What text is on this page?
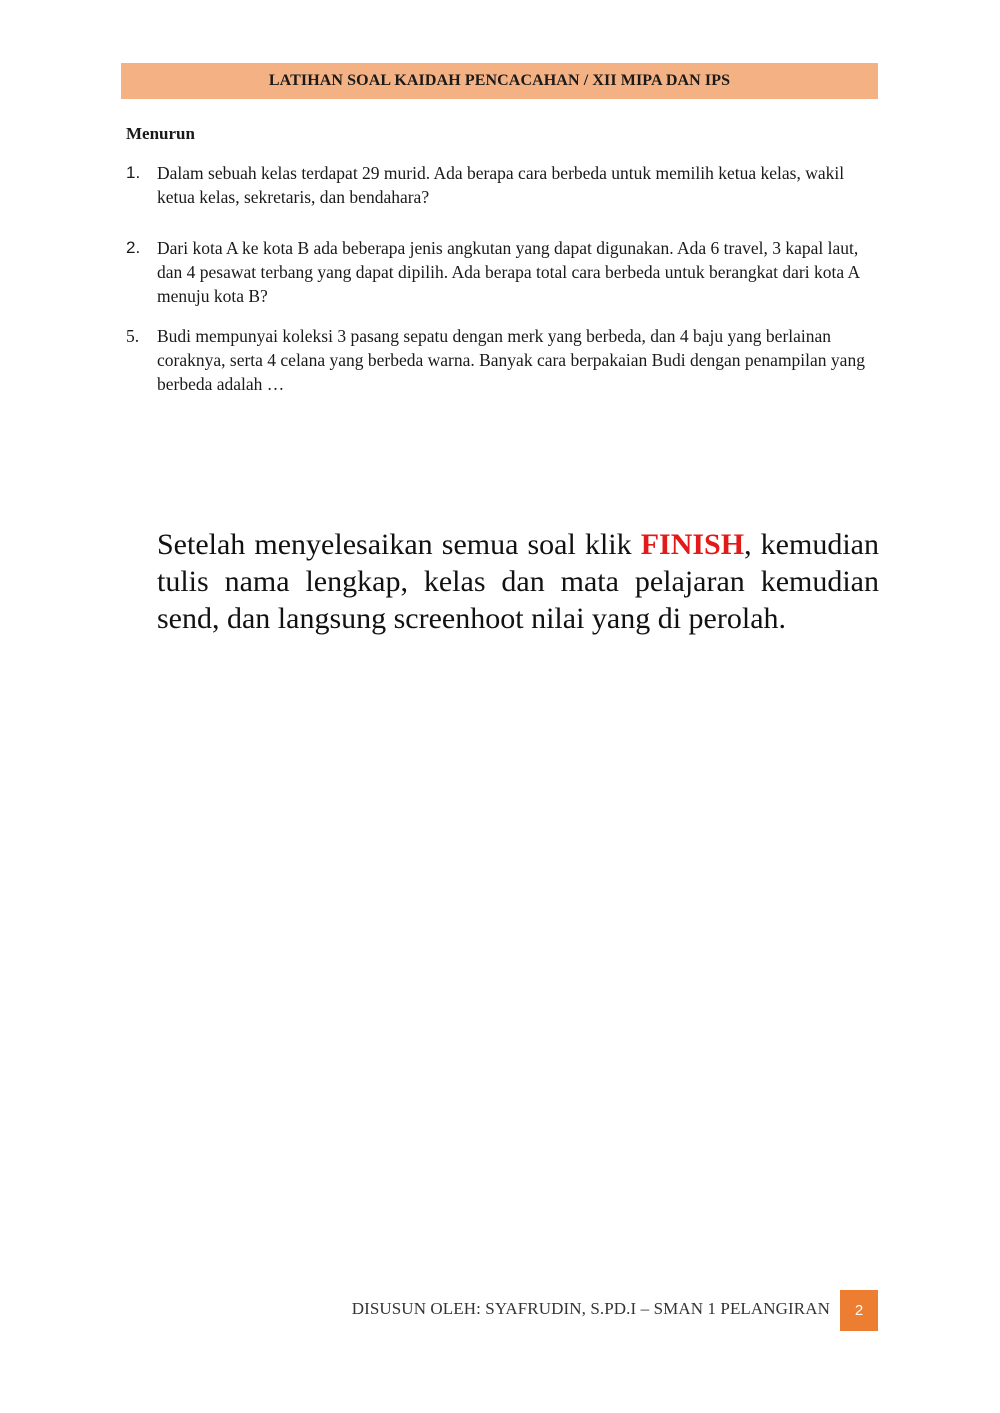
LATIHAN SOAL KAIDAH PENCACAHAN / XII MIPA DAN IPS
Menurun
1. Dalam sebuah kelas terdapat 29 murid. Ada berapa cara berbeda untuk memilih ketua kelas, wakil ketua kelas, sekretaris, dan bendahara?
2. Dari kota A ke kota B ada beberapa jenis angkutan yang dapat digunakan. Ada 6 travel, 3 kapal laut, dan 4 pesawat terbang yang dapat dipilih. Ada berapa total cara berbeda untuk berangkat dari kota A menuju kota B?
5.	Budi mempunyai koleksi 3 pasang sepatu dengan merk yang berbeda, dan 4 baju yang berlainan coraknya, serta 4 celana yang berbeda warna. Banyak cara berpakaian Budi dengan penampilan yang berbeda adalah …
Setelah menyelesaikan semua soal klik FINISH, kemudian tulis nama lengkap, kelas dan mata pelajaran kemudian send, dan langsung screenhoot nilai yang di perolah.
DISUSUN OLEH: SYAFRUDIN, S.PD.I – SMAN 1 PELANGIRAN 2
